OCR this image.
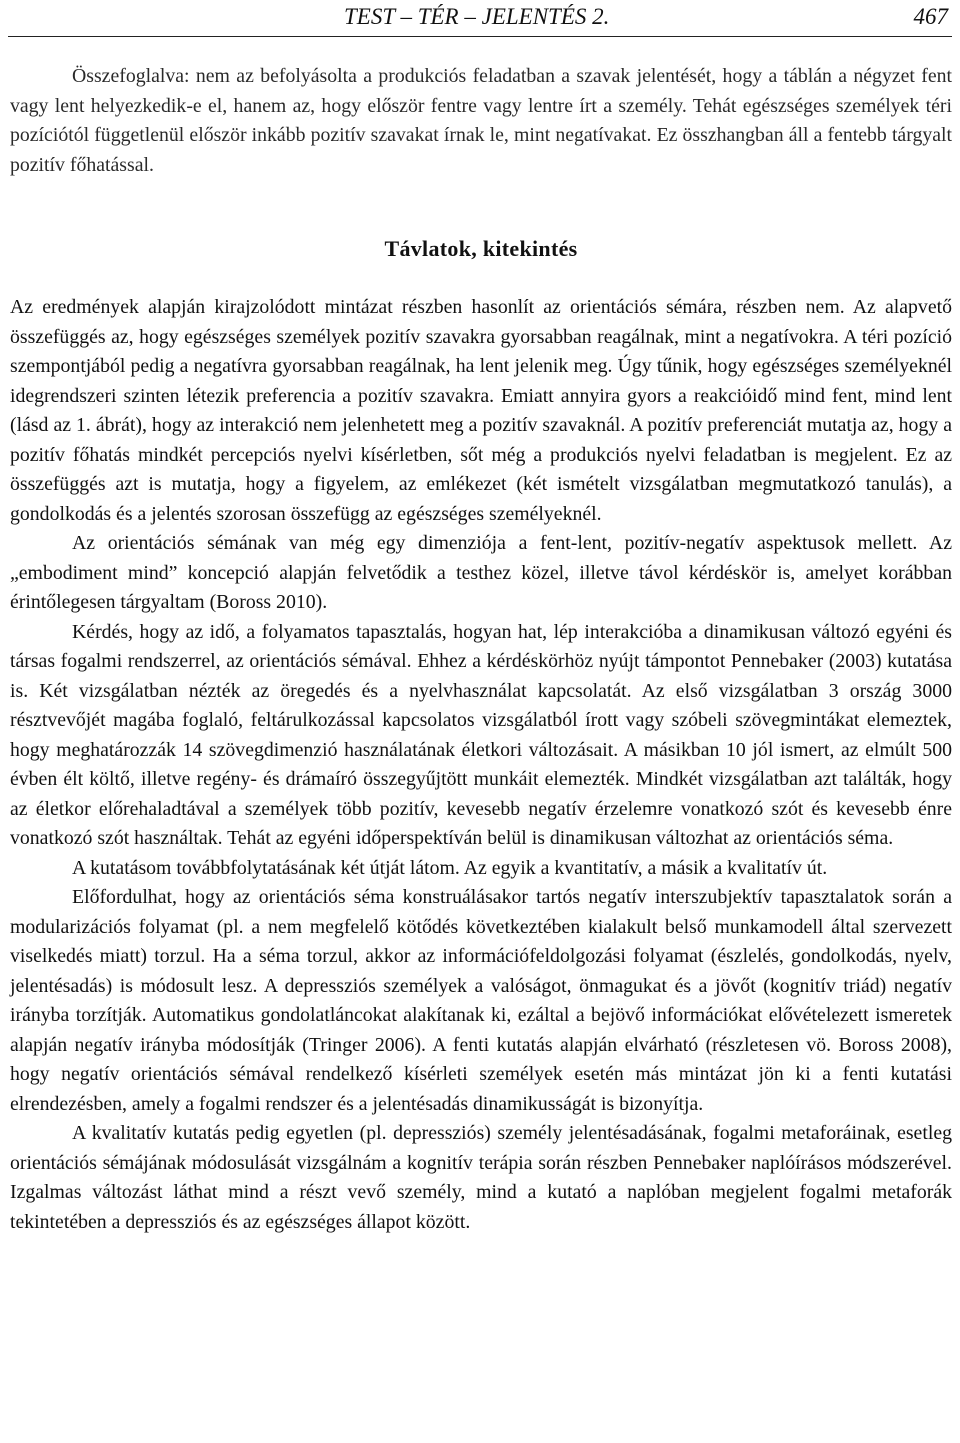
TEST – TÉR – JELENTÉS 2.	467

Összefoglalva: nem az befolyásolta a produkciós feladatban a szavak jelentését, hogy a táblán a négyzet fent vagy lent helyezkedik-e el, hanem az, hogy először fentre vagy lentre írt a személy. Tehát egészséges személyek téri pozíciótól függetlenül először inkább pozitív szavakat írnak le, mint negatívakat. Ez összhangban áll a fentebb tárgyalt pozitív főhatással.

Távlatok, kitekintés

Az eredmények alapján kirajzolódott mintázat részben hasonlít az orientációs sémára, részben nem. Az alapvető összefüggés az, hogy egészséges személyek pozitív szavakra gyorsabban reagálnak, mint a negatívokra. A téri pozíció szempontjából pedig a negatívra gyorsabban reagálnak, ha lent jelenik meg. Úgy tűnik, hogy egészséges személyeknél idegrendszeri szinten létezik preferencia a pozitív szavakra. Emiatt annyira gyors a reakcióidő mind fent, mind lent (lásd az 1. ábrát), hogy az interakció nem jelenhetett meg a pozitív szavaknál. A pozitív preferenciát mutatja az, hogy a pozitív főhatás mindkét percepciós nyelvi kísérletben, sőt még a produkciós nyelvi feladatban is megjelent. Ez az összefüggés azt is mutatja, hogy a figyelem, az emlékezet (két ismételt vizsgálatban megmutatkozó tanulás), a gondolkodás és a jelentés szorosan összefügg az egészséges személyeknél.

Az orientációs sémának van még egy dimenziója a fent-lent, pozitív-negatív aspektusok mellett. Az „embodiment mind” koncepció alapján felvetődik a testhez közel, illetve távol kérdéskör is, amelyet korábban érintőlegesen tárgyaltam (Boross 2010).

Kérdés, hogy az idő, a folyamatos tapasztalás, hogyan hat, lép interakcióba a dinamikusan változó egyéni és társas fogalmi rendszerrel, az orientációs sémával. Ehhez a kérdéskörhöz nyújt támpontot Pennebaker (2003) kutatása is. Két vizsgálatban nézték az öregedés és a nyelvhasználat kapcsolatát. Az első vizsgálatban 3 ország 3000 résztvevőjét magába foglaló, feltárulkozással kapcsolatos vizsgálatból írott vagy szóbeli szövegmintákat elemeztek, hogy meghatározzák 14 szövegdimenzió használatának életkori változásait. A másikban 10 jól ismert, az elmúlt 500 évben élt költő, illetve regény- és drámaíró összegyűjtött munkáit elemezték. Mindkét vizsgálatban azt találták, hogy az életkor előrehaladtával a személyek több pozitív, kevesebb negatív érzelemre vonatkozó szót és kevesebb énre vonatkozó szót használtak. Tehát az egyéni időperspektíván belül is dinamikusan változhat az orientációs séma.

A kutatásom továbbfolytatásának két útját látom. Az egyik a kvantitatív, a másik a kvalitatív út.

Előfordulhat, hogy az orientációs séma konstruálásakor tartós negatív interszubjektív tapasztalatok során a modularizációs folyamat (pl. a nem megfelelő kötődés következtében kialakult belső munkamodell által szervezett viselkedés miatt) torzul. Ha a séma torzul, akkor az információfeldolgozási folyamat (észlelés, gondolkodás, nyelv, jelentésadás) is módosult lesz. A depressziós személyek a valóságot, önmagukat és a jövőt (kognitív triád) negatív irányba torzítják. Automatikus gondolatláncokat alakítanak ki, ezáltal a bejövő információkat elővételezett ismeretek alapján negatív irányba módosítják (Tringer 2006). A fenti kutatás alapján elvárható (részletesen vö. Boross 2008), hogy negatív orientációs sémával rendelkező kísérleti személyek esetén más mintázat jön ki a fenti kutatási elrendezésben, amely a fogalmi rendszer és a jelentésadás dinamikusságát is bizonyítja.

A kvalitatív kutatás pedig egyetlen (pl. depressziós) személy jelentésadásának, fogalmi metaforáinak, esetleg orientációs sémájának módosulását vizsgálnám a kognitív terápia során részben Pennebaker naplóírásos módszerével. Izgalmas változást láthat mind a részt vevő személy, mind a kutató a naplóban megjelent fogalmi metaforák tekintetében a depressziós és az egészséges állapot között.
